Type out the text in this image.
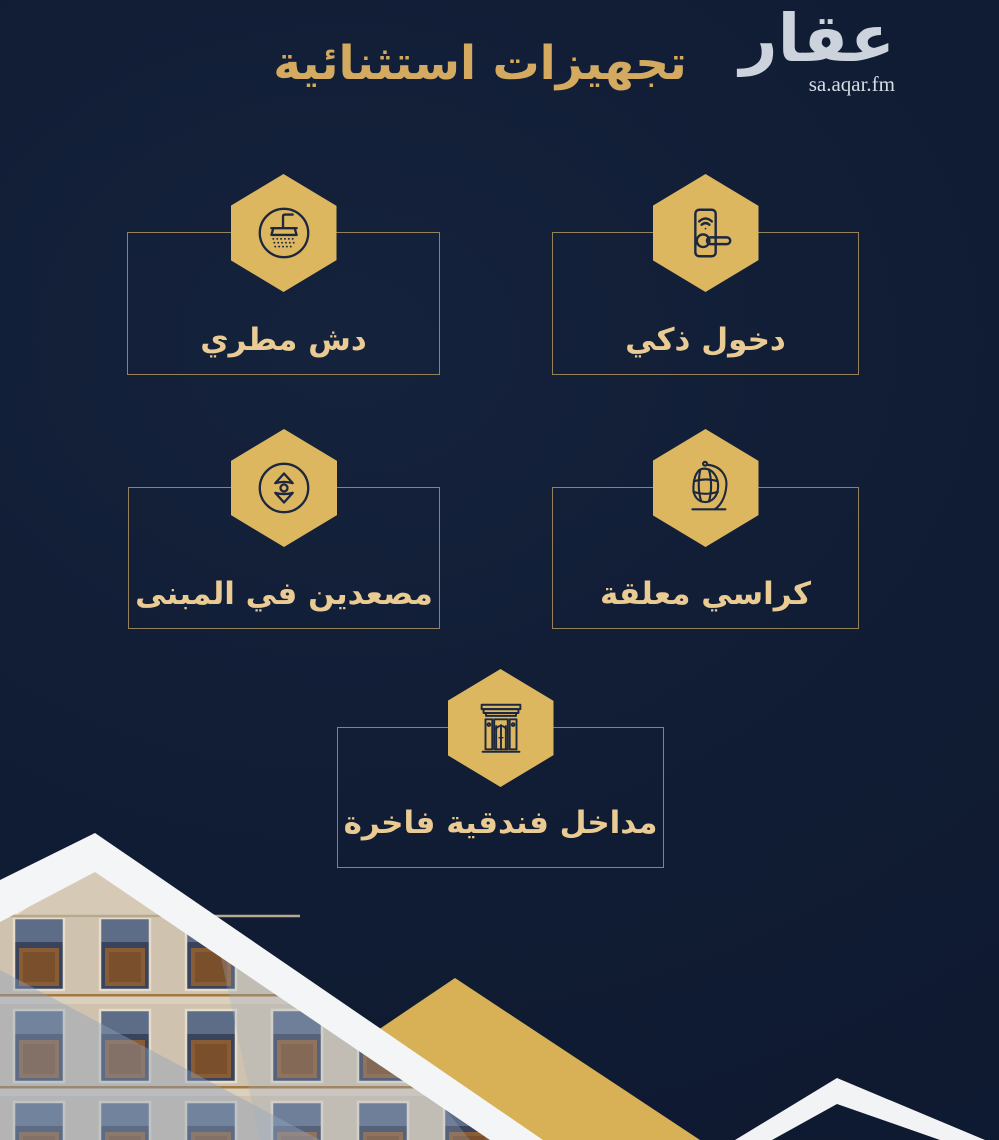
تجهيزات استثنائية عقار
sa.aqar.fm
دش مطري	دخول ذكي
مصعدين في المبنى	كراسي معلقة
مداخل فندقية فاخرة
